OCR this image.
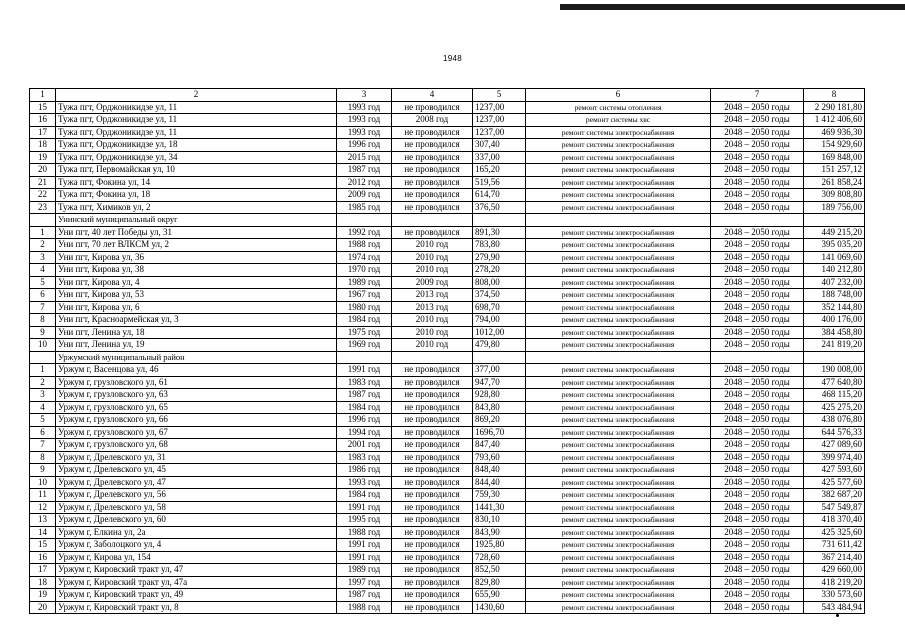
1948
1	2	3	4	5	6	7	8
15	Тужа пгт, Орджоникидзе ул, 11	1993 год	не проводился	1237,00	ремонт системы отопления	2048 – 2050 годы	2 290 181,80
16	Тужа пгт, Орджоникидзе ул, 11	1993 год	2008 год	1237,00	ремонт системы хвс	2048 – 2050 годы	1 412 406,60
17	Тужа пгт, Орджоникидзе ул, 11	1993 год	не проводился	1237,00	ремонт системы электроснабжения	2048 – 2050 годы	469 936,30
18	Тужа пгт, Орджоникидзе ул, 18	1996 год	не проводился	307,40	ремонт системы электроснабжения	2048 – 2050 годы	154 929,60
19	Тужа пгт, Орджоникидзе ул, 34	2015 год	не проводился	337,00	ремонт системы электроснабжения	2048 – 2050 годы	169 848,00
20	Тужа пгт, Первомайская ул, 10	1987 год	не проводился	165,20	ремонт системы электроснабжения	2048 – 2050 годы	151 257,12
21	Тужа пгт, Фокина ул, 14	2012 год	не проводился	519,56	ремонт системы электроснабжения	2048 – 2050 годы	261 858,24
22	Тужа пгт, Фокина ул, 18	2009 год	не проводился	614,70	ремонт системы электроснабжения	2048 – 2050 годы	309 808,80
23	Тужа пгт, Химиков ул, 2	1985 год	не проводился	376,50	ремонт системы электроснабжения	2048 – 2050 годы	189 756,00
	Унинский муниципальный округ						
1	Уни пгт, 40 лет Победы ул, 31	1992 год	не проводился	891,30	ремонт системы электроснабжения	2048 – 2050 годы	449 215,20
2	Уни пгт, 70 лет ВЛКСМ ул, 2	1988 год	2010 год	783,80	ремонт системы электроснабжения	2048 – 2050 годы	395 035,20
3	Уни пгт, Кирова ул, 36	1974 год	2010 год	279,90	ремонт системы электроснабжения	2048 – 2050 годы	141 069,60
4	Уни пгт, Кирова ул, 38	1970 год	2010 год	278,20	ремонт системы электроснабжения	2048 – 2050 годы	140 212,80
5	Уни пгт, Кирова ул, 4	1989 год	2009 год	808,00	ремонт системы электроснабжения	2048 – 2050 годы	407 232,00
6	Уни пгт, Кирова ул, 53	1967 год	2013 год	374,50	ремонт системы электроснабжения	2048 – 2050 годы	188 748,00
7	Уни пгт, Кирова ул, 6	1980 год	2013 год	698,70	ремонт системы электроснабжения	2048 – 2050 годы	352 144,80
8	Уни пгт, Красноармейская ул, 3	1984 год	2010 год	794,00	ремонт системы электроснабжения	2048 – 2050 годы	400 176,00
9	Уни пгт, Ленина ул, 18	1975 год	2010 год	1012,00	ремонт системы электроснабжения	2048 – 2050 годы	384 458,80
10	Уни пгт, Ленина ул, 19	1969 год	2010 год	479,80	ремонт системы электроснабжения	2048 – 2050 годы	241 819,20
	Уржумский муниципальный район						
1	Уржум г, Васенцова ул, 46	1991 год	не проводился	377,00	ремонт системы электроснабжения	2048 – 2050 годы	190 008,00
2	Уржум г, грузловского ул, 61	1983 год	не проводился	947,70	ремонт системы электроснабжения	2048 – 2050 годы	477 640,80
3	Уржум г, грузловского ул, 63	1987 год	не проводился	928,80	ремонт системы электроснабжения	2048 – 2050 годы	468 115,20
4	Уржум г, грузловского ул, 65	1984 год	не проводился	843,80	ремонт системы электроснабжения	2048 – 2050 годы	425 275,20
5	Уржум г, грузловского ул, 66	1996 год	не проводился	869,20	ремонт системы электроснабжения	2048 – 2050 годы	438 076,80
6	Уржум г, грузловского ул, 67	1994 год	не проводился	1696,70	ремонт системы электроснабжения	2048 – 2050 годы	644 576,33
7	Уржум г, грузловского ул, 68	2001 год	не проводился	847,40	ремонт системы электроснабжения	2048 – 2050 годы	427 089,60
8	Уржум г, Дрелевского ул, 31	1983 год	не проводился	793,60	ремонт системы электроснабжения	2048 – 2050 годы	399 974,40
9	Уржум г, Дрелевского ул, 45	1986 год	не проводился	848,40	ремонт системы электроснабжения	2048 – 2050 годы	427 593,60
10	Уржум г, Дрелевского ул, 47	1993 год	не проводился	844,40	ремонт системы электроснабжения	2048 – 2050 годы	425 577,60
11	Уржум г, Дрелевского ул, 56	1984 год	не проводился	759,30	ремонт системы электроснабжения	2048 – 2050 годы	382 687,20
12	Уржум г, Дрелевского ул, 58	1991 год	не проводился	1441,30	ремонт системы электроснабжения	2048 – 2050 годы	547 549,87
13	Уржум г, Дрелевского ул, 60	1995 год	не проводился	830,10	ремонт системы электроснабжения	2048 – 2050 годы	418 370,40
14	Уржум г, Елкина ул, 2а	1988 год	не проводился	843,90	ремонт системы электроснабжения	2048 – 2050 годы	425 325,60
15	Уржум г, Заболоцкого ул, 4	1991 год	не проводился	1925,80	ремонт системы электроснабжения	2048 – 2050 годы	731 611,42
16	Уржум г, Кирова ул, 154	1991 год	не проводился	728,60	ремонт системы электроснабжения	2048 – 2050 годы	367 214,40
17	Уржум г, Кировский тракт ул, 47	1989 год	не проводился	852,50	ремонт системы электроснабжения	2048 – 2050 годы	429 660,00
18	Уржум г, Кировский тракт ул, 47а	1997 год	не проводился	829,80	ремонт системы электроснабжения	2048 – 2050 годы	418 219,20
19	Уржум г, Кировский тракт ул, 49	1987 год	не проводился	655,90	ремонт системы электроснабжения	2048 – 2050 годы	330 573,60
20	Уржум г, Кировский тракт ул, 8	1988 год	не проводился	1430,60	ремонт системы электроснабжения	2048 – 2050 годы	543 484,94
